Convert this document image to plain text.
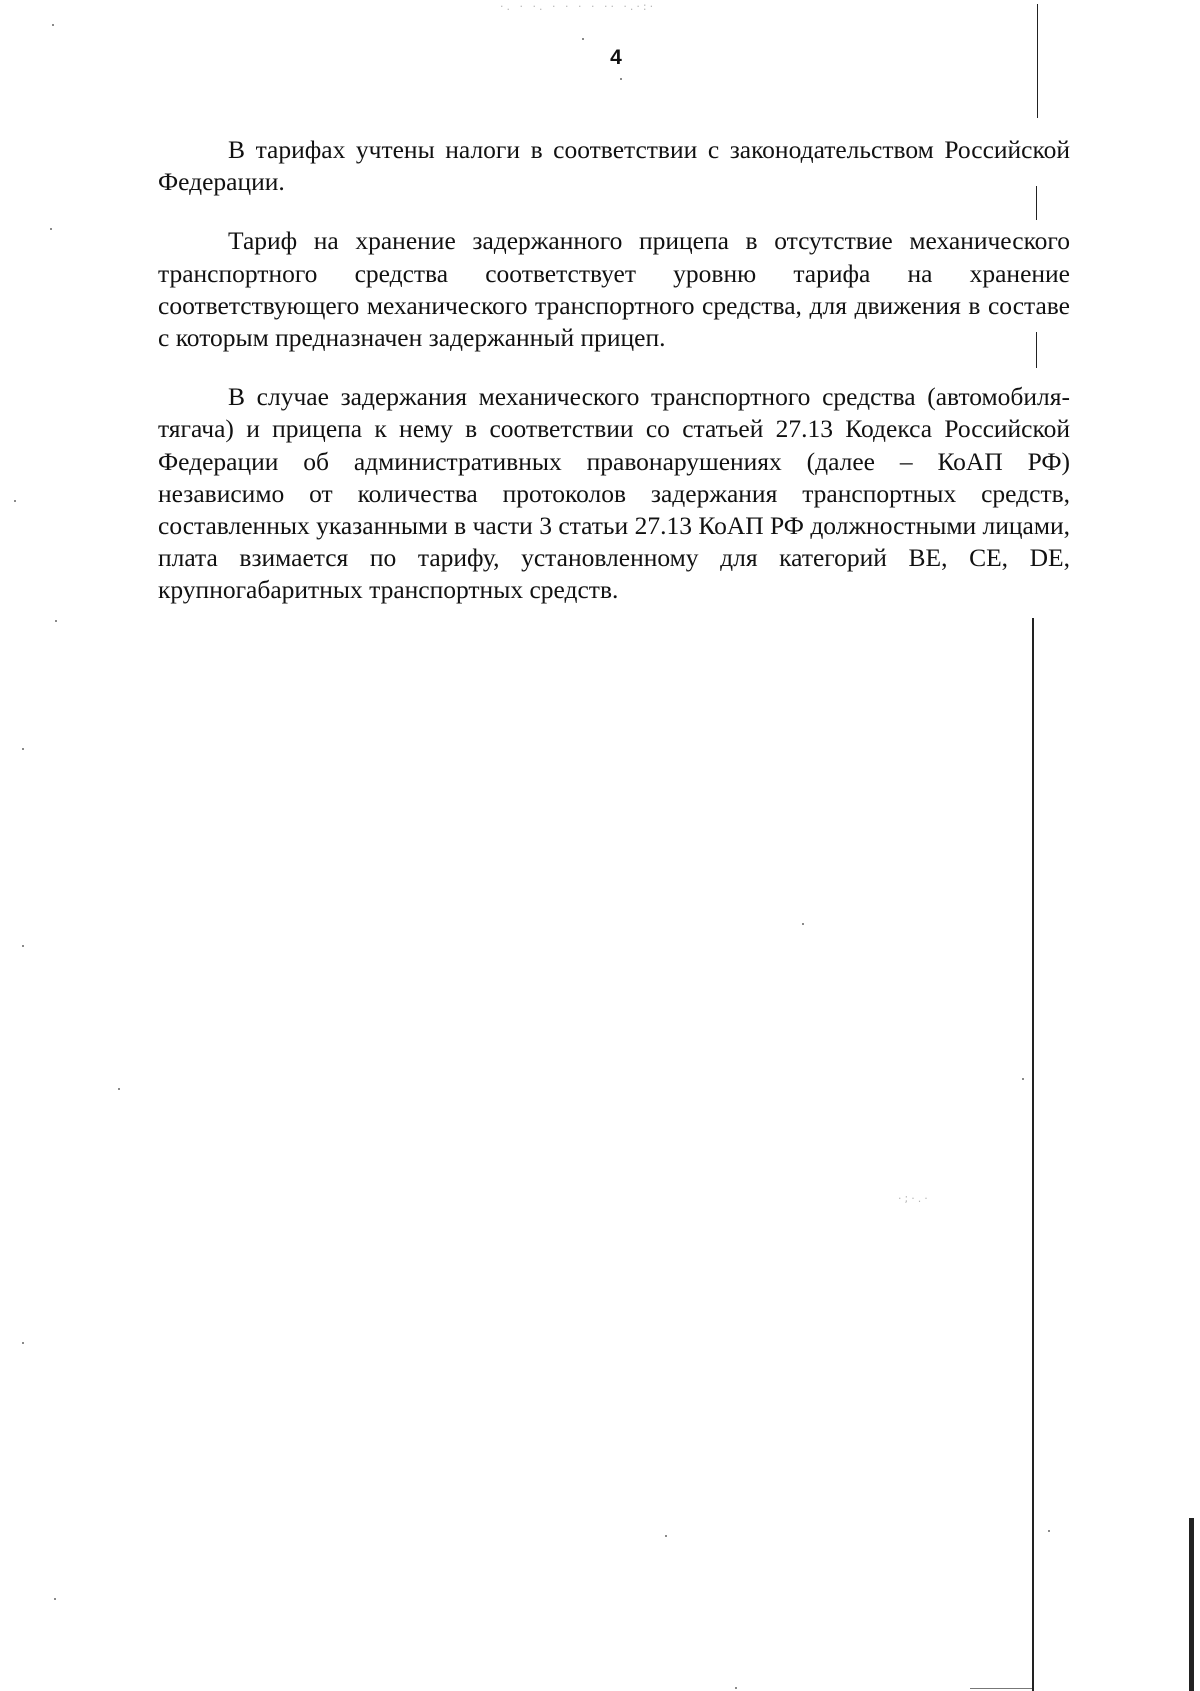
·. · ·. · · · · ·· ·.·:·
4

В тарифах учтены налоги в соответствии с законодательством Российской Федерации.

Тариф на хранение задержанного прицепа в отсутствие механического транспортного средства соответствует уровню тарифа на хранение соответствующего механического транспортного средства, для движения в составе с которым предназначен задержанный прицеп.

В случае задержания механического транспортного средства (автомобиля-тягача) и прицепа к нему в соответствии со статьей 27.13 Кодекса Российской Федерации об административных правонарушениях (далее – КоАП РФ) независимо от количества протоколов задержания транспортных средств, составленных указанными в части 3 статьи 27.13 КоАП РФ должностными лицами, плата взимается по тарифу, установленному для категорий BE, CE, DE, крупногабаритных транспортных средств.

·;·.·
